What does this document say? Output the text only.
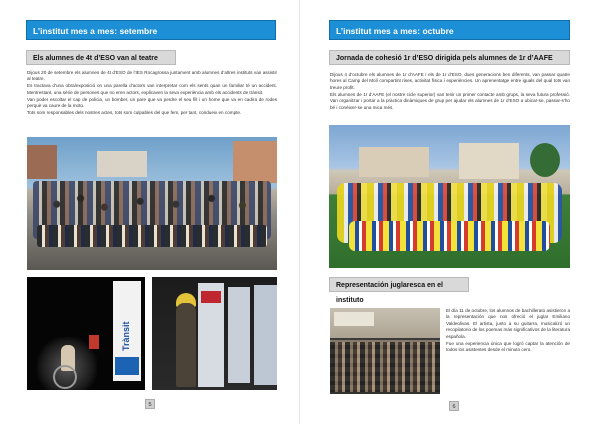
L’institut mes a mes: setembre
Els alumnes de 4t d’ESO van al teatre

Dijous 20 de setembre els alumnes de 4t d’ESO de l’IES Rocagrossa juntament amb alumnes d’altres instituts van assistir al teatre.

Es tractava d’una obra/exposició on una parella d’actors van interpretar com els sents quan un familiar té un accident. Mentrestant, una sèrie de persones que no eren actors, explicaven la seva experiència amb els accidents de trànsit.

Van poder escoltar el cap de policia, un bomber, un pare que va perdre el seu fill i un home que va en cadira de rodes perquè va caure de la moto.

Tots som responsables dels nostres actes, tots som culpables del que fem, per tant, condueix en compte.

Trànsit
5
L’institut mes a mes: octubre
Jornada de cohesió 1r d’ESO dirigida pels alumnes de 1r d’AAFE

Dijous 4 d’octubre els alumnes de 1r d’AAFE i els de 1r d’ESO, dues generacions ben diferents, van passar quatre hores al Camp del Molí compartint rises, activitat física i experiències. Un aprenentatge entre iguals del qual tots van treure profit.

Els alumnes de 1r d’AAFE (el nostre cicle superior) van tenir un primer contacte amb grups, la seva futura professió. Van organitzar i portar a la pràctica dinàmiques de grup per ajudar els alumnes de 1r d’ESO a ubicar-se, passar-s’ho bé i conèixer-se una mica més.

Representación juglaresca en el instituto

El día 11 de octubre, los alumnos de bachillerato asistieron a la representación que nos ofreció el juglar Emiliano Valdeolivas. El artista, junto a su guitarra, musicalizó un recopilatorio de los poemas más significativos de la literatura española.

Fue una experiencia única que logró captar la atención de todos los asistentes desde el minuto cero.

6
